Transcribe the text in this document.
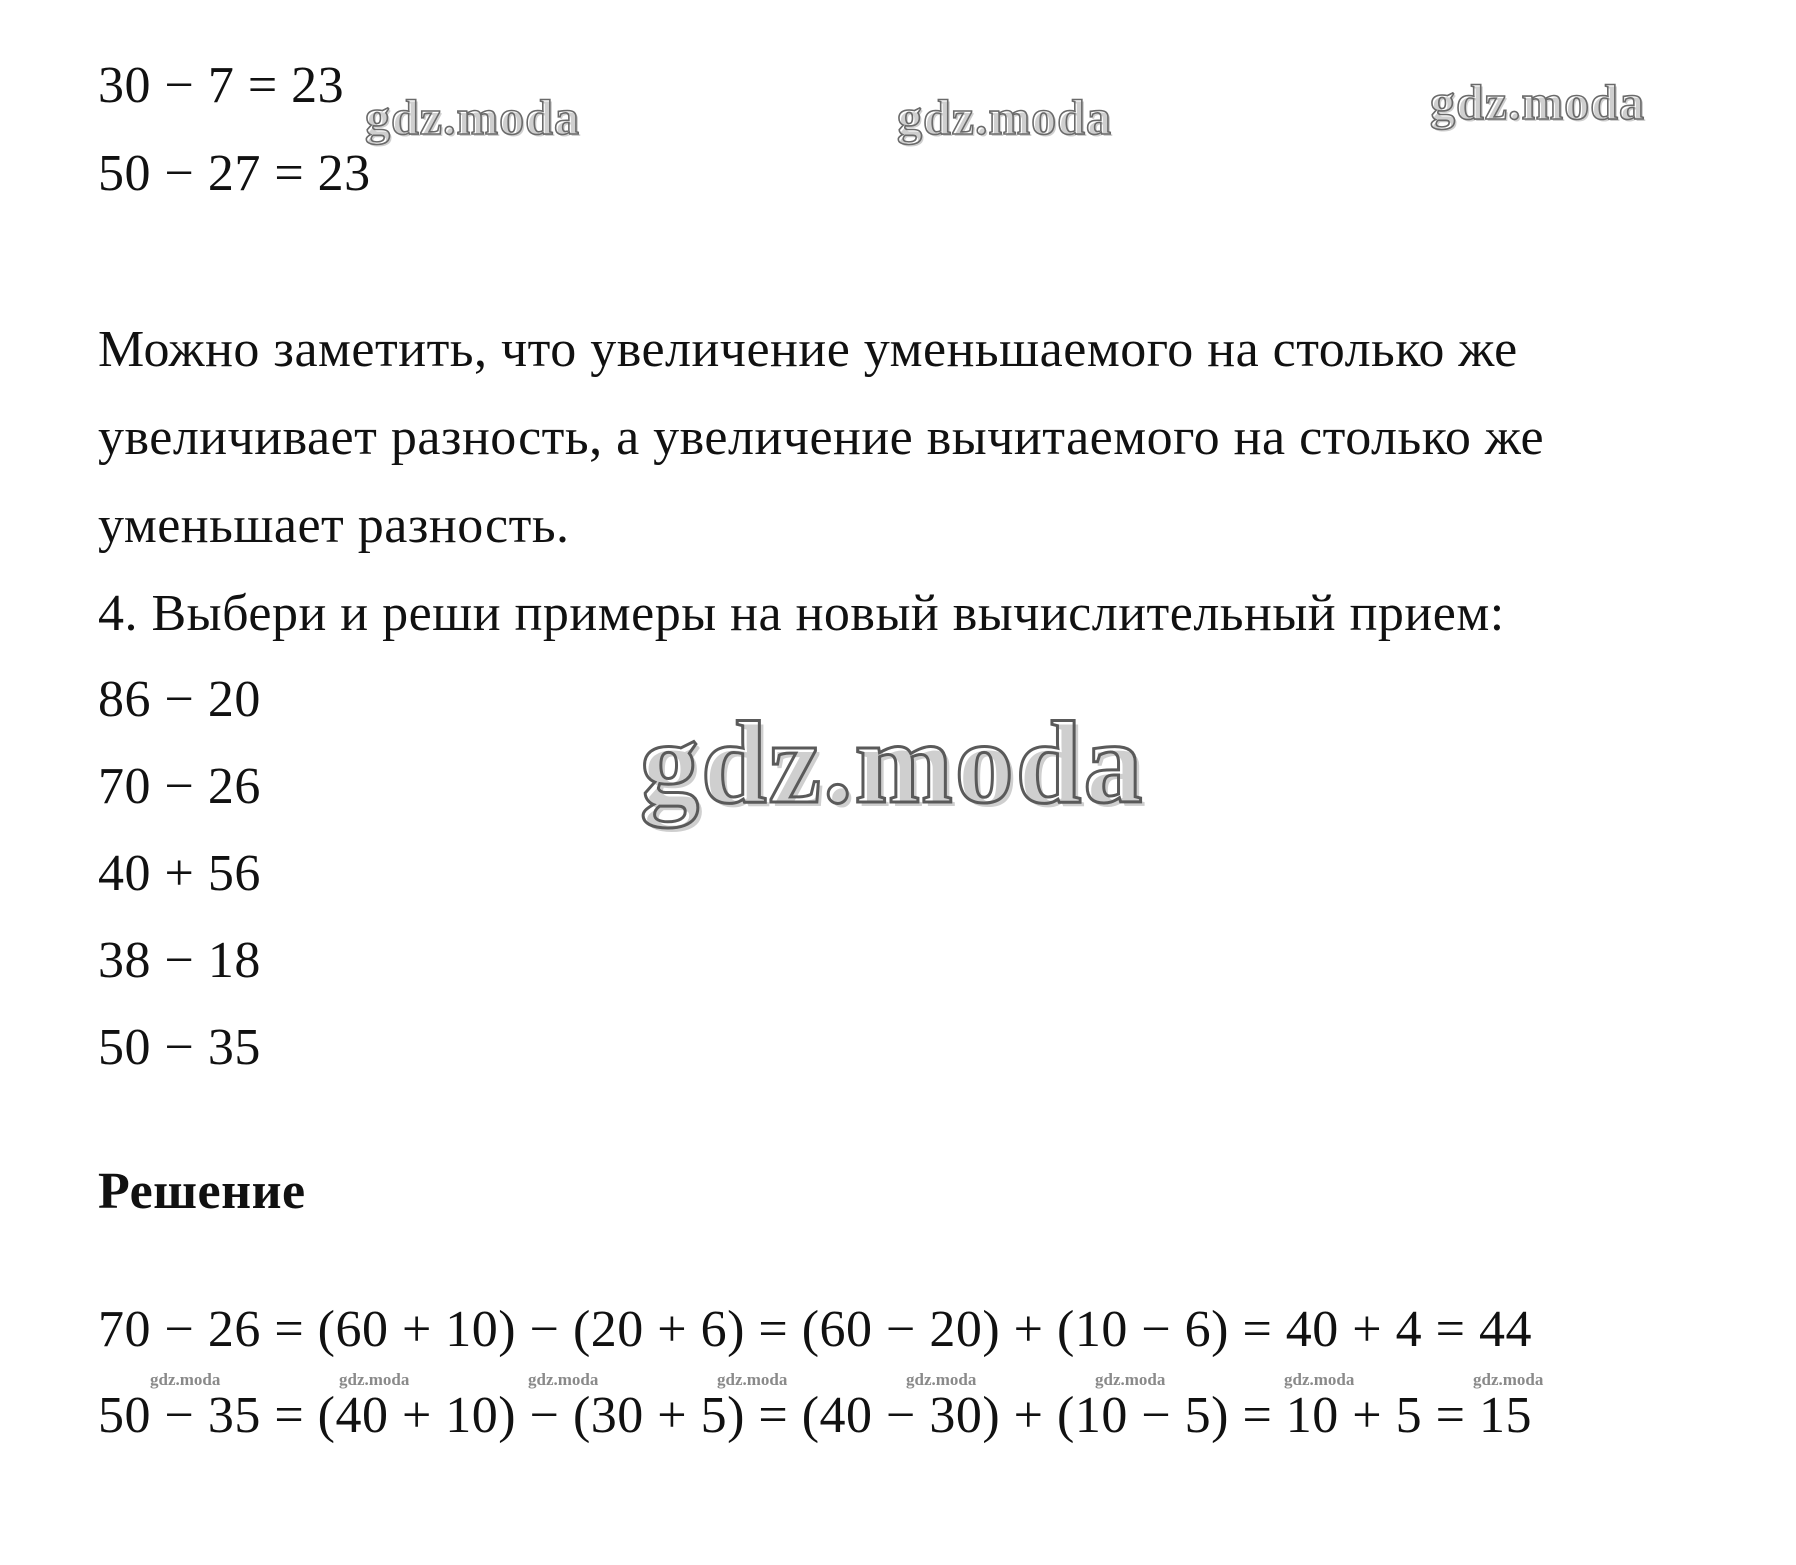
30 − 7 = 23
50 − 27 = 23
Можно заметить, что увеличение уменьшаемого на столько же
увеличивает разность, а увеличение вычитаемого на столько же
уменьшает разность.
4. Выбери и реши примеры на новый вычислительный прием:
86 − 20
70 − 26
40 + 56
38 − 18
50 − 35
Решение
70 − 26 = (60 + 10) − (20 + 6) = (60 − 20) + (10 − 6) = 40 + 4 = 44
50 − 35 = (40 + 10) − (30 + 5) = (40 − 30) + (10 − 5) = 10 + 5 = 15
gdz.moda	gdz.moda	gdz.moda
gdz.moda
gdz.moda	gdz.moda	gdz.moda	gdz.moda	gdz.moda	gdz.moda	gdz.moda	gdz.moda
